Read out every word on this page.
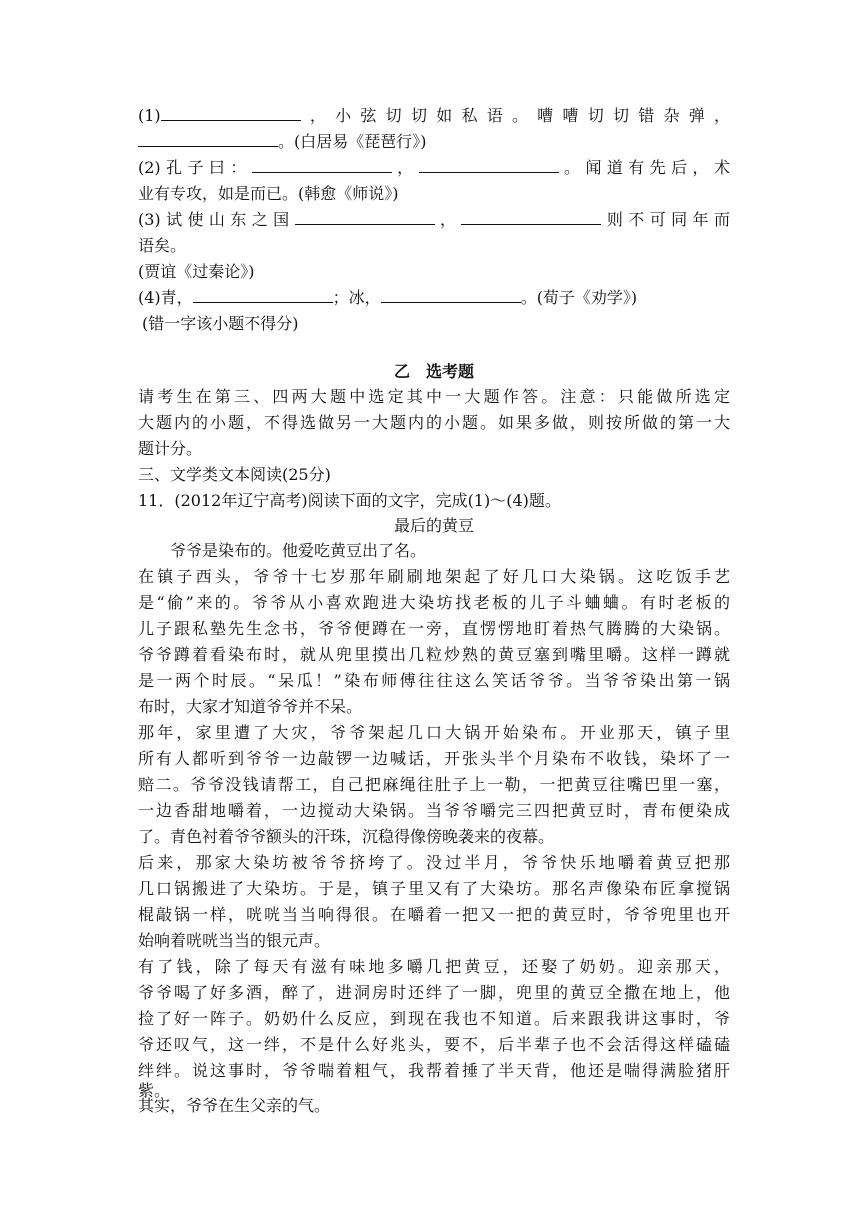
(1)	，小弦切切如私语。嘈嘈切切错杂弹，
。(白居易《琵琶行》)
(2)孔子曰：	，	。闻道有先后，术
业有专攻，如是而已。(韩愈《师说》)
(3)试使山东之国	，	则不可同年而
语矣。
(贾谊《过秦论》)
(4)青，	；冰，	。(荀子《劝学》)
(错一字该小题不得分)
乙　选考题
请考生在第三、四两大题中选定其中一大题作答。注意：只能做所选定
大题内的小题，不得选做另一大题内的小题。如果多做，则按所做的第一大
题计分。
三、文学类文本阅读(25分)
11．(2012年辽宁高考)阅读下面的文字，完成(1)～(4)题。
最后的黄豆
爷爷是染布的。他爱吃黄豆出了名。
在镇子西头，爷爷十七岁那年刷刷地架起了好几口大染锅。这吃饭手艺
是“偷”来的。爷爷从小喜欢跑进大染坊找老板的儿子斗蛐蛐。有时老板的
儿子跟私塾先生念书，爷爷便蹲在一旁，直愣愣地盯着热气腾腾的大染锅。
爷爷蹲着看染布时，就从兜里摸出几粒炒熟的黄豆塞到嘴里嚼。这样一蹲就
是一两个时辰。“呆瓜！”染布师傅往往这么笑话爷爷。当爷爷染出第一锅
布时，大家才知道爷爷并不呆。
那年，家里遭了大灾，爷爷架起几口大锅开始染布。开业那天，镇子里
所有人都听到爷爷一边敲锣一边喊话，开张头半个月染布不收钱，染坏了一
赔二。爷爷没钱请帮工，自己把麻绳往肚子上一勒，一把黄豆往嘴巴里一塞，
一边香甜地嚼着，一边搅动大染锅。当爷爷嚼完三四把黄豆时，青布便染成
了。青色衬着爷爷额头的汗珠，沉稳得像傍晚袭来的夜幕。
后来，那家大染坊被爷爷挤垮了。没过半月，爷爷快乐地嚼着黄豆把那
几口锅搬进了大染坊。于是，镇子里又有了大染坊。那名声像染布匠拿搅锅
棍敲锅一样，咣咣当当响得很。在嚼着一把又一把的黄豆时，爷爷兜里也开
始响着咣咣当当的银元声。
有了钱，除了每天有滋有味地多嚼几把黄豆，还娶了奶奶。迎亲那天，
爷爷喝了好多酒，醉了，进洞房时还绊了一脚，兜里的黄豆全撒在地上，他
捡了好一阵子。奶奶什么反应，到现在我也不知道。后来跟我讲这事时，爷
爷还叹气，这一绊，不是什么好兆头，要不，后半辈子也不会活得这样磕磕
绊绊。说这事时，爷爷喘着粗气，我帮着捶了半天背，他还是喘得满脸猪肝
紫。
其实，爷爷在生父亲的气。
